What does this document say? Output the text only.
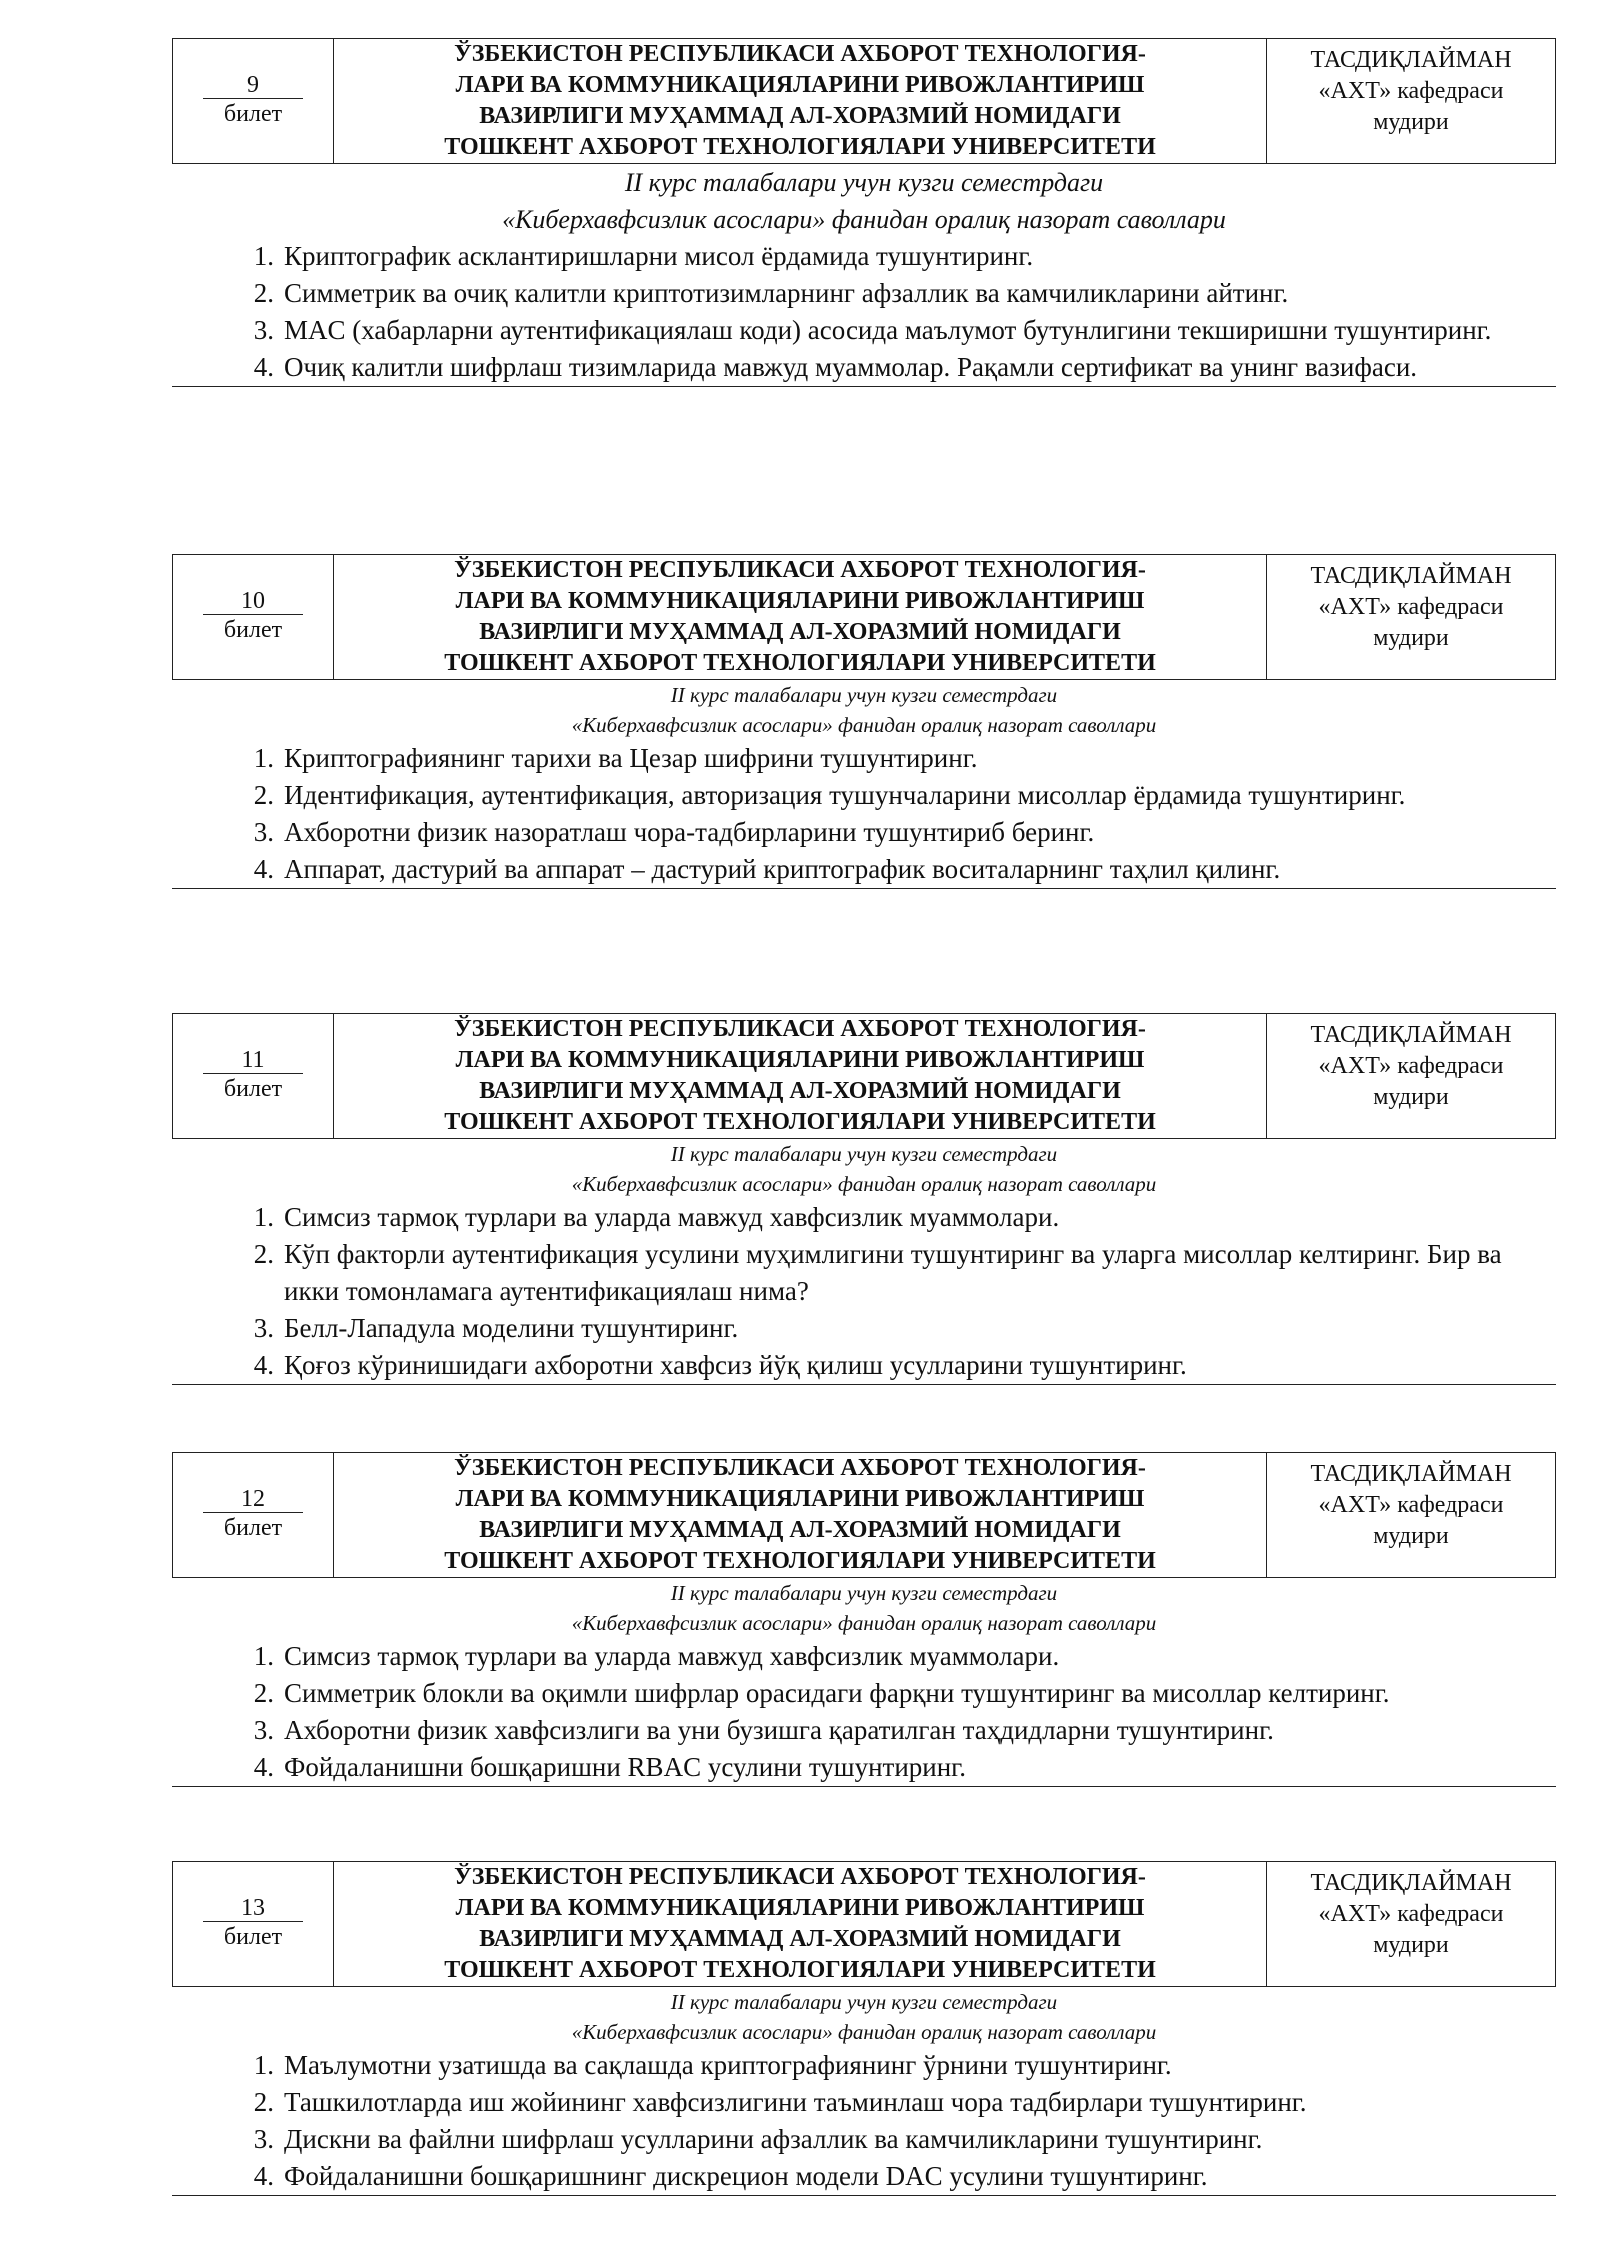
9
билет
ЎЗБЕКИСТОН РЕСПУБЛИКАСИ АХБОРОТ ТЕХНОЛОГИЯ-
ЛАРИ ВА КОММУНИКАЦИЯЛАРИНИ РИВОЖЛАНТИРИШ
ВАЗИРЛИГИ МУҲАММАД АЛ-ХОРАЗМИЙ НОМИДАГИ
ТОШКЕНТ АХБОРОТ ТЕХНОЛОГИЯЛАРИ УНИВЕРСИТЕТИ
ТАСДИҚЛАЙМАН
«АХТ» кафедраси
мудири
II курс талабалари учун кузги семестрдаги
«Киберхавфсизлик асослари» фанидан оралиқ назорат саволлари
1. Криптографик асклантиришларни мисол ёрдамида тушунтиринг.
2. Симметрик ва очиқ калитли криптотизимларнинг афзаллик ва камчиликларини айтинг.
3. MAC (хабарларни аутентификациялаш коди) асосида маълумот бутунлигини текширишни тушунтиринг.
4. Очиқ калитли шифрлаш тизимларида мавжуд муаммолар. Рақамли сертификат ва унинг вазифаси.
10
билет
ЎЗБЕКИСТОН РЕСПУБЛИКАСИ АХБОРОТ ТЕХНОЛОГИЯ-
ЛАРИ ВА КОММУНИКАЦИЯЛАРИНИ РИВОЖЛАНТИРИШ
ВАЗИРЛИГИ МУҲАММАД АЛ-ХОРАЗМИЙ НОМИДАГИ
ТОШКЕНТ АХБОРОТ ТЕХНОЛОГИЯЛАРИ УНИВЕРСИТЕТИ
ТАСДИҚЛАЙМАН
«АХТ» кафедраси
мудири
II курс талабалари учун кузги семестрдаги
«Киберхавфсизлик асослари» фанидан оралиқ назорат саволлари
1. Криптографиянинг тарихи ва Цезар шифрини тушунтиринг.
2. Идентификация, аутентификация, авторизация тушунчаларини мисоллар ёрдамида тушунтиринг.
3. Ахборотни физик назоратлаш чора-тадбирларини тушунтириб беринг.
4. Аппарат, дастурий ва аппарат – дастурий криптографик воситаларнинг таҳлил қилинг.
11
билет
ЎЗБЕКИСТОН РЕСПУБЛИКАСИ АХБОРОТ ТЕХНОЛОГИЯ-
ЛАРИ ВА КОММУНИКАЦИЯЛАРИНИ РИВОЖЛАНТИРИШ
ВАЗИРЛИГИ МУҲАММАД АЛ-ХОРАЗМИЙ НОМИДАГИ
ТОШКЕНТ АХБОРОТ ТЕХНОЛОГИЯЛАРИ УНИВЕРСИТЕТИ
ТАСДИҚЛАЙМАН
«АХТ» кафедраси
мудири
II курс талабалари учун кузги семестрдаги
«Киберхавфсизлик асослари» фанидан оралиқ назорат саволлари
1. Симсиз тармоқ турлари ва уларда мавжуд хавфсизлик муаммолари.
2. Кўп факторли аутентификация усулини муҳимлигини тушунтиринг ва уларга мисоллар келтиринг. Бир ва икки томонламага аутентификациялаш нима?
3. Белл-Лападула моделини тушунтиринг.
4. Қоғоз кўринишидаги ахборотни хавфсиз йўқ қилиш усулларини тушунтиринг.
12
билет
ЎЗБЕКИСТОН РЕСПУБЛИКАСИ АХБОРОТ ТЕХНОЛОГИЯ-
ЛАРИ ВА КОММУНИКАЦИЯЛАРИНИ РИВОЖЛАНТИРИШ
ВАЗИРЛИГИ МУҲАММАД АЛ-ХОРАЗМИЙ НОМИДАГИ
ТОШКЕНТ АХБОРОТ ТЕХНОЛОГИЯЛАРИ УНИВЕРСИТЕТИ
ТАСДИҚЛАЙМАН
«АХТ» кафедраси
мудири
II курс талабалари учун кузги семестрдаги
«Киберхавфсизлик асослари» фанидан оралиқ назорат саволлари
1. Симсиз тармоқ турлари ва уларда мавжуд хавфсизлик муаммолари.
2. Симметрик блокли ва оқимли шифрлар орасидаги фарқни тушунтиринг ва мисоллар келтиринг.
3. Ахборотни физик хавфсизлиги ва уни бузишга қаратилган таҳдидларни тушунтиринг.
4. Фойдаланишни бошқаришни RBAC усулини тушунтиринг.
13
билет
ЎЗБЕКИСТОН РЕСПУБЛИКАСИ АХБОРОТ ТЕХНОЛОГИЯ-
ЛАРИ ВА КОММУНИКАЦИЯЛАРИНИ РИВОЖЛАНТИРИШ
ВАЗИРЛИГИ МУҲАММАД АЛ-ХОРАЗМИЙ НОМИДАГИ
ТОШКЕНТ АХБОРОТ ТЕХНОЛОГИЯЛАРИ УНИВЕРСИТЕТИ
ТАСДИҚЛАЙМАН
«АХТ» кафедраси
мудири
II курс талабалари учун кузги семестрдаги
«Киберхавфсизлик асослари» фанидан оралиқ назорат саволлари
1. Маълумотни узатишда ва сақлашда криптографиянинг ўрнини тушунтиринг.
2. Ташкилотларда иш жойининг хавфсизлигини таъминлаш чора тадбирлари тушунтиринг.
3. Дискни ва файлни шифрлаш усулларини афзаллик ва камчиликларини тушунтиринг.
4. Фойдаланишни бошқаришнинг дискрецион модели DAC усулини тушунтиринг.
